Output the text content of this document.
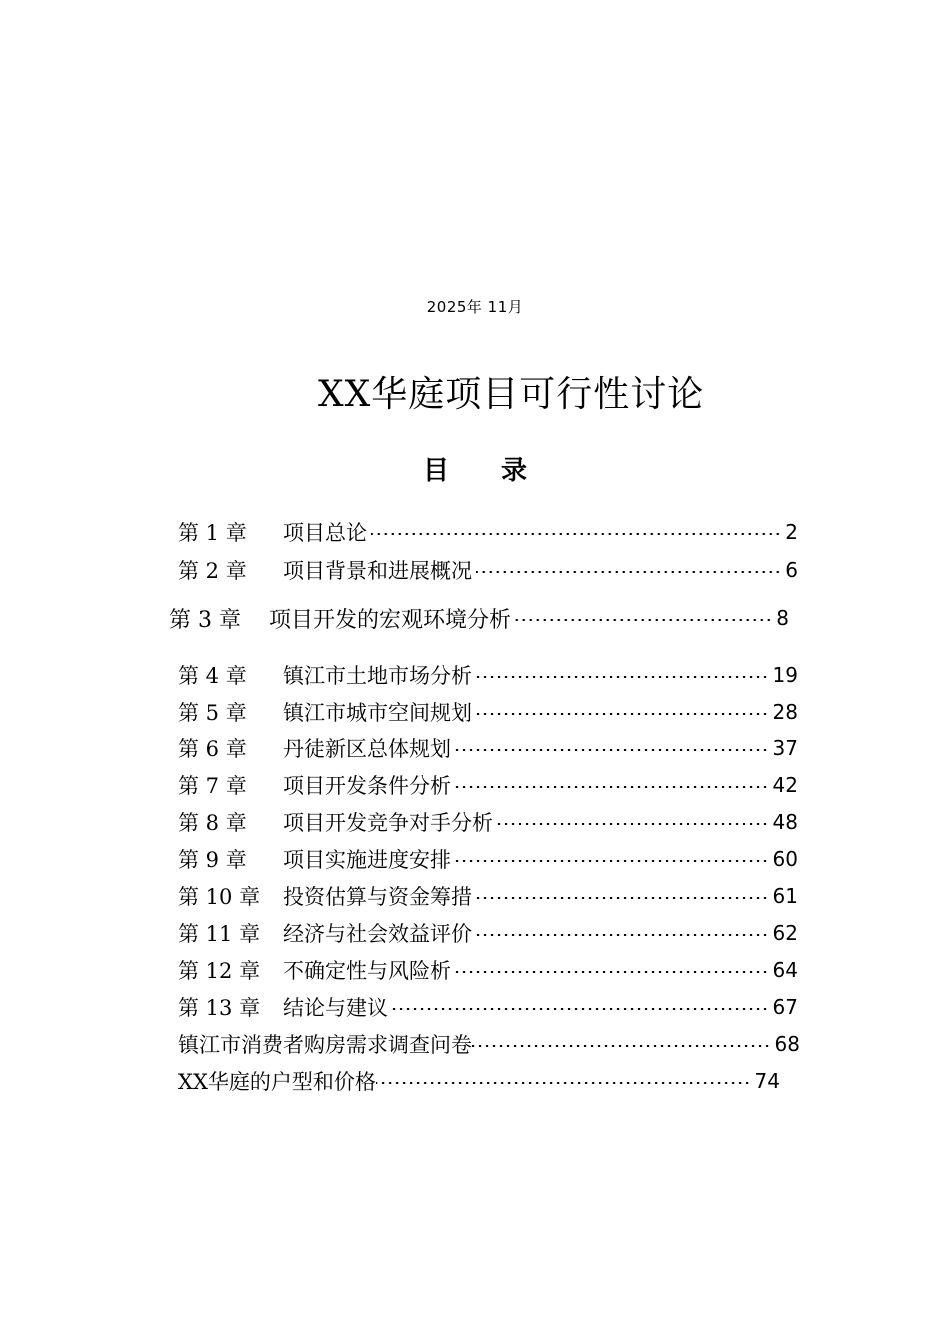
2025年 11月
XX华庭项目可行性讨论
目　　录
第 1 章	项目总论	2
第 2 章	项目背景和进展概况	6
第 3 章	项目开发的宏观环境分析	8
第 4 章	镇江市土地市场分析	19
第 5 章	镇江市城市空间规划	28
第 6 章	丹徒新区总体规划	37
第 7 章	项目开发条件分析	42
第 8 章	项目开发竞争对手分析	48
第 9 章	项目实施进度安排	60
第 10 章	投资估算与资金筹措	61
第 11 章	经济与社会效益评价	62
第 12 章	不确定性与风险析	64
第 13 章	结论与建议	67
镇江市消费者购房需求调查问卷	68
XX华庭的户型和价格	74
